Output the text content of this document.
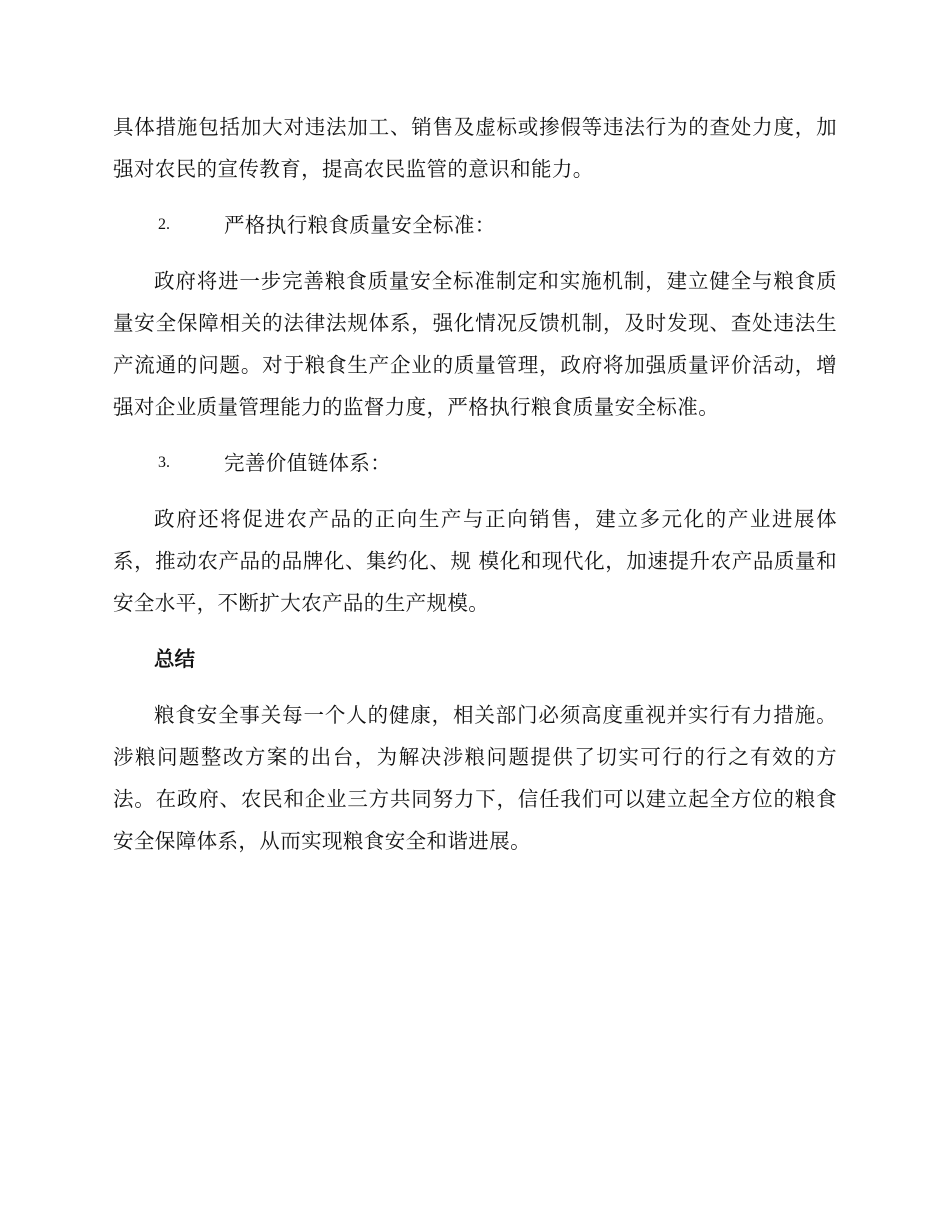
具体措施包括加大对违法加工、销售及虚标或掺假等违法行为的查处力度，加强对农民的宣传教育，提高农民监管的意识和能力。

2.	严格执行粮食质量安全标准：

政府将进一步完善粮食质量安全标准制定和实施机制，建立健全与粮食质量安全保障相关的法律法规体系，强化情况反馈机制，及时发现、查处违法生产流通的问题。对于粮食生产企业的质量管理，政府将加强质量评价活动，增强对企业质量管理能力的监督力度，严格执行粮食质量安全标准。

3.	完善价值链体系：

政府还将促进农产品的正向生产与正向销售，建立多元化的产业进展体系，推动农产品的品牌化、集约化、规 模化和现代化，加速提升农产品质量和安全水平，不断扩大农产品的生产规模。

总结

粮食安全事关每一个人的健康，相关部门必须高度重视并实行有力措施。涉粮问题整改方案的出台，为解决涉粮问题提供了切实可行的行之有效的方法。在政府、农民和企业三方共同努力下，信任我们可以建立起全方位的粮食安全保障体系，从而实现粮食安全和谐进展。
